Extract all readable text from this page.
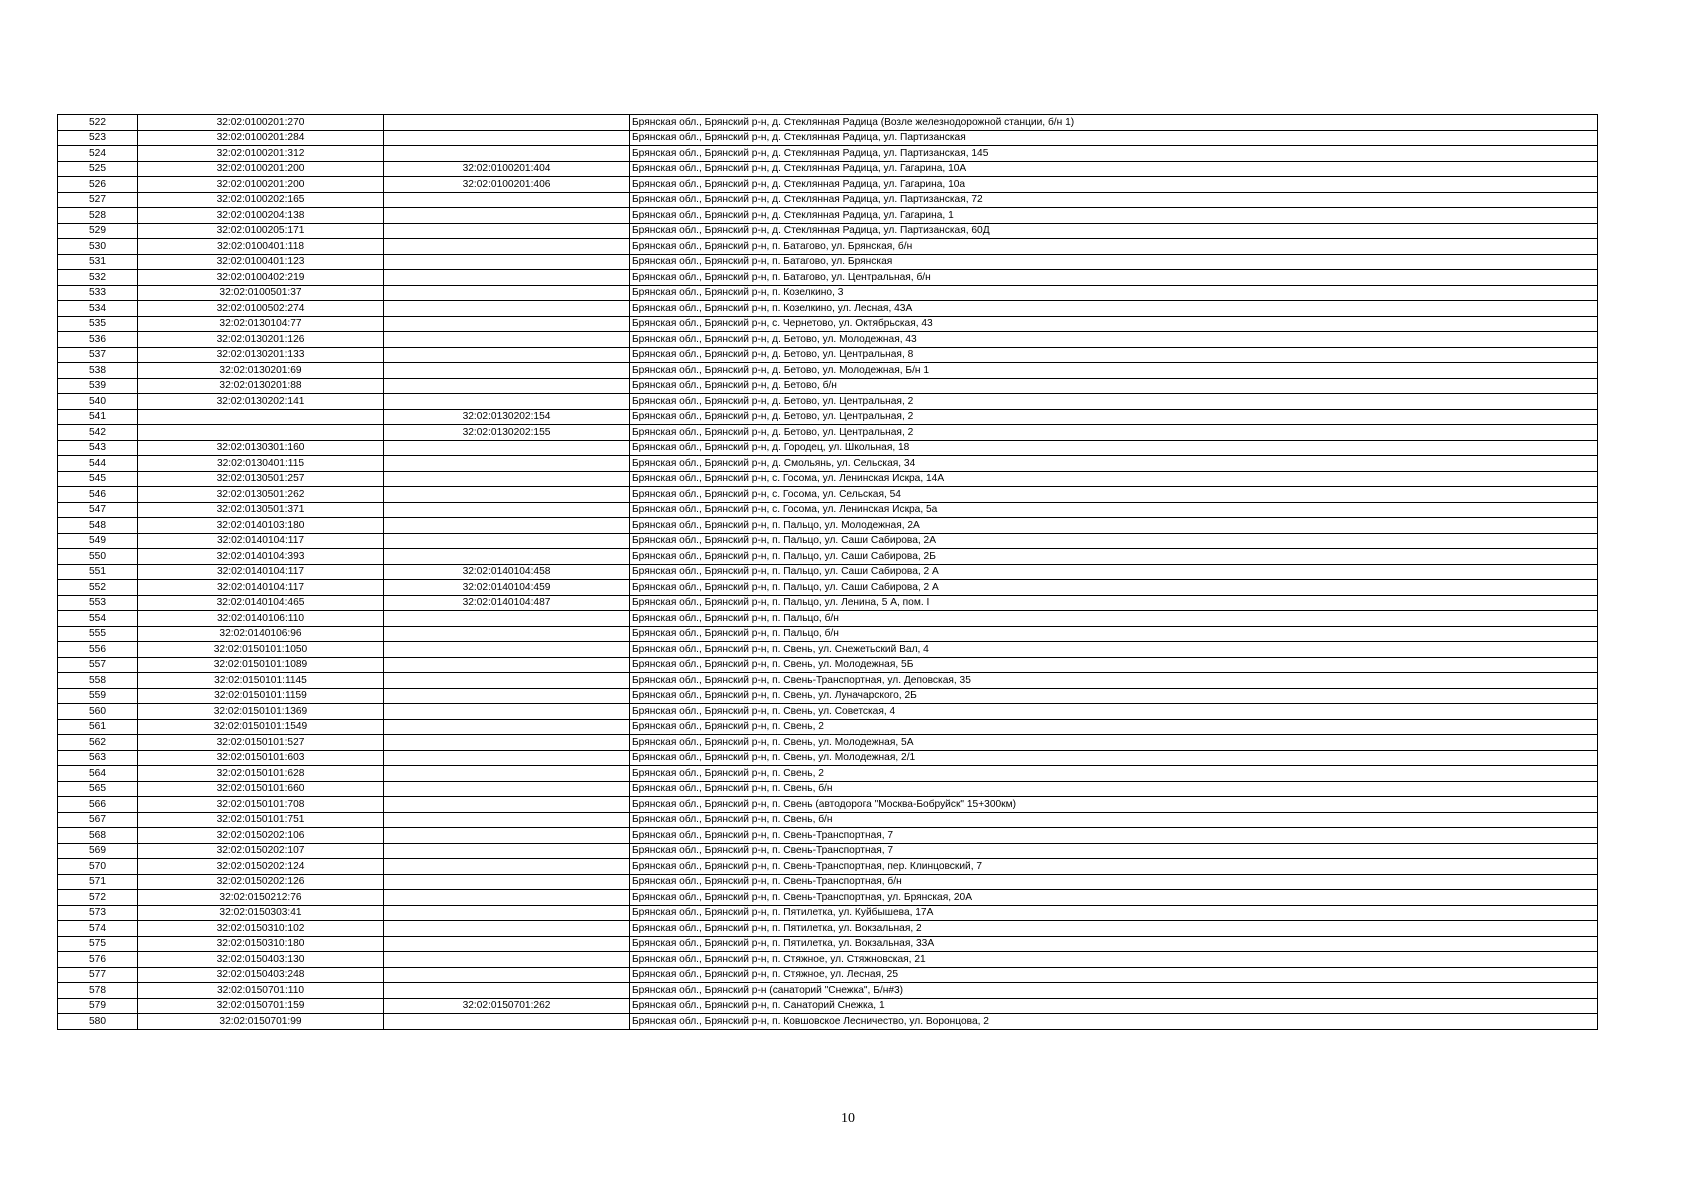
522	32:02:0100201:270		Брянская обл., Брянский р-н, д. Стеклянная Радица (Возле железнодорожной станции, б/н 1)
523	32:02:0100201:284		Брянская обл., Брянский р-н, д. Стеклянная Радица, ул. Партизанская
524	32:02:0100201:312		Брянская обл., Брянский р-н, д. Стеклянная Радица, ул. Партизанская, 145
525	32:02:0100201:200	32:02:0100201:404	Брянская обл., Брянский р-н, д. Стеклянная Радица, ул. Гагарина, 10А
526	32:02:0100201:200	32:02:0100201:406	Брянская обл., Брянский р-н, д. Стеклянная Радица, ул. Гагарина, 10а
527	32:02:0100202:165		Брянская обл., Брянский р-н, д. Стеклянная Радица, ул. Партизанская, 72
528	32:02:0100204:138		Брянская обл., Брянский р-н, д. Стеклянная Радица, ул. Гагарина, 1
529	32:02:0100205:171		Брянская обл., Брянский р-н, д. Стеклянная Радица, ул. Партизанская, 60Д
530	32:02:0100401:118		Брянская обл., Брянский р-н, п. Батагово, ул. Брянская, б/н
531	32:02:0100401:123		Брянская обл., Брянский р-н, п. Батагово, ул. Брянская
532	32:02:0100402:219		Брянская обл., Брянский р-н, п. Батагово, ул. Центральная, б/н
533	32:02:0100501:37		Брянская обл., Брянский р-н, п. Козелкино, 3
534	32:02:0100502:274		Брянская обл., Брянский р-н, п. Козелкино, ул. Лесная, 43А
535	32:02:0130104:77		Брянская обл., Брянский р-н, с. Чернетово, ул. Октябрьская, 43
536	32:02:0130201:126		Брянская обл., Брянский р-н, д. Бетово, ул. Молодежная, 43
537	32:02:0130201:133		Брянская обл., Брянский р-н, д. Бетово, ул. Центральная, 8
538	32:02:0130201:69		Брянская обл., Брянский р-н, д. Бетово, ул. Молодежная, Б/н 1
539	32:02:0130201:88		Брянская обл., Брянский р-н, д. Бетово, б/н
540	32:02:0130202:141		Брянская обл., Брянский р-н, д. Бетово, ул. Центральная, 2
541		32:02:0130202:154	Брянская обл., Брянский р-н, д. Бетово, ул. Центральная, 2
542		32:02:0130202:155	Брянская обл., Брянский р-н, д. Бетово, ул. Центральная, 2
543	32:02:0130301:160		Брянская обл., Брянский р-н, д. Городец, ул. Школьная, 18
544	32:02:0130401:115		Брянская обл., Брянский р-н, д. Смольянь, ул. Сельская, 34
545	32:02:0130501:257		Брянская обл., Брянский р-н, с. Госома, ул. Ленинская Искра, 14А
546	32:02:0130501:262		Брянская обл., Брянский р-н, с. Госома, ул. Сельская, 54
547	32:02:0130501:371		Брянская обл., Брянский р-н, с. Госома, ул. Ленинская Искра, 5а
548	32:02:0140103:180		Брянская обл., Брянский р-н, п. Пальцо, ул. Молодежная, 2А
549	32:02:0140104:117		Брянская обл., Брянский р-н, п. Пальцо, ул. Саши Сабирова, 2А
550	32:02:0140104:393		Брянская обл., Брянский р-н, п. Пальцо, ул. Саши Сабирова, 2Б
551	32:02:0140104:117	32:02:0140104:458	Брянская обл., Брянский р-н, п. Пальцо, ул. Саши Сабирова, 2 А
552	32:02:0140104:117	32:02:0140104:459	Брянская обл., Брянский р-н, п. Пальцо, ул. Саши Сабирова, 2 А
553	32:02:0140104:465	32:02:0140104:487	Брянская обл., Брянский р-н, п. Пальцо, ул. Ленина, 5 А, пом. I
554	32:02:0140106:110		Брянская обл., Брянский р-н, п. Пальцо, б/н
555	32:02:0140106:96		Брянская обл., Брянский р-н, п. Пальцо, б/н
556	32:02:0150101:1050		Брянская обл., Брянский р-н, п. Свень, ул. Снежетьский Вал, 4
557	32:02:0150101:1089		Брянская обл., Брянский р-н, п. Свень, ул. Молодежная, 5Б
558	32:02:0150101:1145		Брянская обл., Брянский р-н, п. Свень-Транспортная, ул. Деповская, 35
559	32:02:0150101:1159		Брянская обл., Брянский р-н, п. Свень, ул. Луначарского, 2Б
560	32:02:0150101:1369		Брянская обл., Брянский р-н, п. Свень, ул. Советская, 4
561	32:02:0150101:1549		Брянская обл., Брянский р-н, п. Свень, 2
562	32:02:0150101:527		Брянская обл., Брянский р-н, п. Свень, ул. Молодежная, 5А
563	32:02:0150101:603		Брянская обл., Брянский р-н, п. Свень, ул. Молодежная, 2/1
564	32:02:0150101:628		Брянская обл., Брянский р-н, п. Свень, 2
565	32:02:0150101:660		Брянская обл., Брянский р-н, п. Свень, б/н
566	32:02:0150101:708		Брянская обл., Брянский р-н, п. Свень (автодорога "Москва-Бобруйск" 15+300км)
567	32:02:0150101:751		Брянская обл., Брянский р-н, п. Свень, б/н
568	32:02:0150202:106		Брянская обл., Брянский р-н, п. Свень-Транспортная, 7
569	32:02:0150202:107		Брянская обл., Брянский р-н, п. Свень-Транспортная, 7
570	32:02:0150202:124		Брянская обл., Брянский р-н, п. Свень-Транспортная, пер. Клинцовский, 7
571	32:02:0150202:126		Брянская обл., Брянский р-н, п. Свень-Транспортная, б/н
572	32:02:0150212:76		Брянская обл., Брянский р-н, п. Свень-Транспортная, ул. Брянская, 20А
573	32:02:0150303:41		Брянская обл., Брянский р-н, п. Пятилетка, ул. Куйбышева, 17А
574	32:02:0150310:102		Брянская обл., Брянский р-н, п. Пятилетка, ул. Вокзальная, 2
575	32:02:0150310:180		Брянская обл., Брянский р-н, п. Пятилетка, ул. Вокзальная, 33А
576	32:02:0150403:130		Брянская обл., Брянский р-н, п. Стяжное, ул. Стяжновская, 21
577	32:02:0150403:248		Брянская обл., Брянский р-н, п. Стяжное, ул. Лесная, 25
578	32:02:0150701:110		Брянская обл., Брянский р-н (санаторий "Снежка", Б/н#3)
579	32:02:0150701:159	32:02:0150701:262	Брянская обл., Брянский р-н, п. Санаторий Снежка, 1
580	32:02:0150701:99		Брянская обл., Брянский р-н, п. Ковшовское Лесничество, ул. Воронцова, 2
10
